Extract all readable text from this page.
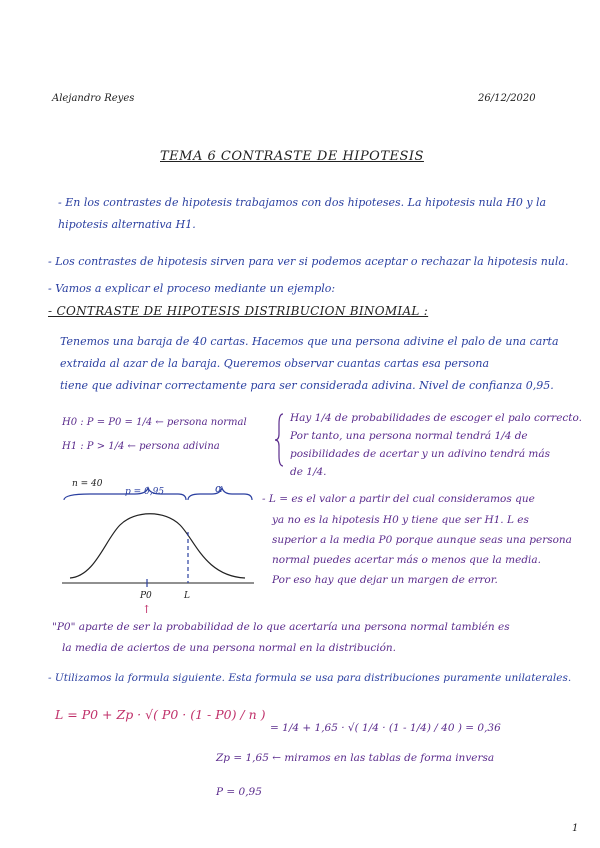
Alejandro Reyes	26/12/2020
TEMA 6 CONTRASTE DE HIPOTESIS
- En los contrastes de hipotesis trabajamos con dos hipoteses. La hipotesis nula H0 y la
hipotesis alternativa H1.
- Los contrastes de hipotesis sirven para ver si podemos aceptar o rechazar la hipotesis nula.
- Vamos a explicar el proceso mediante un ejemplo:
- CONTRASTE DE HIPOTESIS DISTRIBUCION BINOMIAL :
Tenemos una baraja de 40 cartas. Hacemos que una persona adivine el palo de una carta
extraida al azar de la baraja. Queremos observar cuantas cartas esa persona
tiene que adivinar correctamente para ser considerada adivina. Nivel de confianza 0,95.
H0 : P = P0 = 1/4 ← persona normal
H1 : P > 1/4 ← persona adivina
Hay 1/4 de probabilidades de escoger el palo correcto.
Por tanto, una persona normal tendrá 1/4 de
posibilidades de acertar y un adivino tendrá más
de 1/4.
n = 40
p = 0,95	α
P0	L
↑
- L = es el valor a partir del cual consideramos que
ya no es la hipotesis H0 y tiene que ser H1. L es
superior a la media P0 porque aunque seas una persona
normal puedes acertar más o menos que la media.
Por eso hay que dejar un margen de error.
"P0" aparte de ser la probabilidad de lo que acertaría una persona normal también es
la media de aciertos de una persona normal en la distribución.
- Utilizamos la formula siguiente. Esta formula se usa para distribuciones puramente unilaterales.
L = P0 + Zp · √( P0 · (1 - P0) / n )
= 1/4 + 1,65 · √( 1/4 · (1 - 1/4) / 40 ) = 0,36
Zp = 1,65 ← miramos en las tablas de forma inversa
P = 0,95
1
